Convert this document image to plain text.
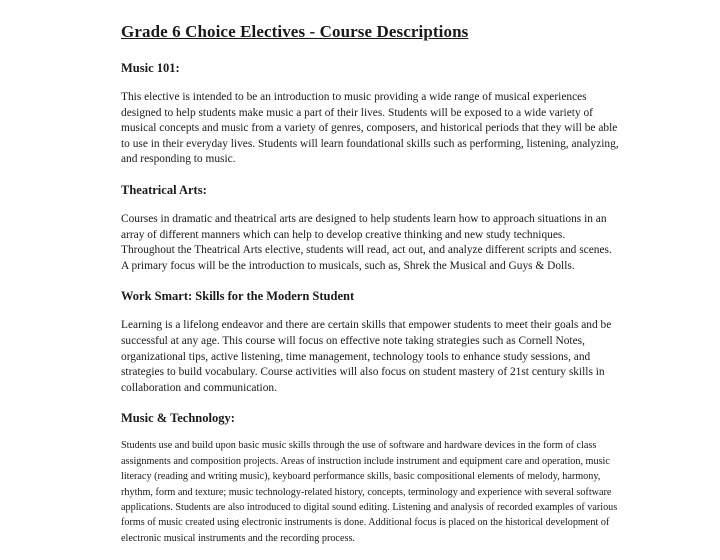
Grade 6 Choice Electives - Course Descriptions
Music 101:

This elective is intended to be an introduction to music providing a wide range of musical experiences designed to help students make music a part of their lives. Students will be exposed to a wide variety of musical concepts and music from a variety of genres, composers, and historical periods that they will be able to use in their everyday lives. Students will learn foundational skills such as performing, listening, analyzing, and responding to music.

Theatrical Arts:

Courses in dramatic and theatrical arts are designed to help students learn how to approach situations in an array of different manners which can help to develop creative thinking and new study techniques. Throughout the Theatrical Arts elective, students will read, act out, and analyze different scripts and scenes. A primary focus will be the introduction to musicals, such as, Shrek the Musical and Guys & Dolls.

Work Smart: Skills for the Modern Student

Learning is a lifelong endeavor and there are certain skills that empower students to meet their goals and be successful at any age. This course will focus on effective note taking strategies such as Cornell Notes, organizational tips, active listening, time management, technology tools to enhance study sessions, and strategies to build vocabulary. Course activities will also focus on student mastery of 21st century skills in collaboration and communication.

Music & Technology:

Students use and build upon basic music skills through the use of software and hardware devices in the form of class assignments and composition projects. Areas of instruction include instrument and equipment care and operation, music literacy (reading and writing music), keyboard performance skills, basic compositional elements of melody, harmony, rhythm, form and texture; music technology-related history, concepts, terminology and experience with several software applications. Students are also introduced to digital sound editing. Listening and analysis of recorded examples of various forms of music created using electronic instruments is done. Additional focus is placed on the historical development of electronic musical instruments and the recording process.
